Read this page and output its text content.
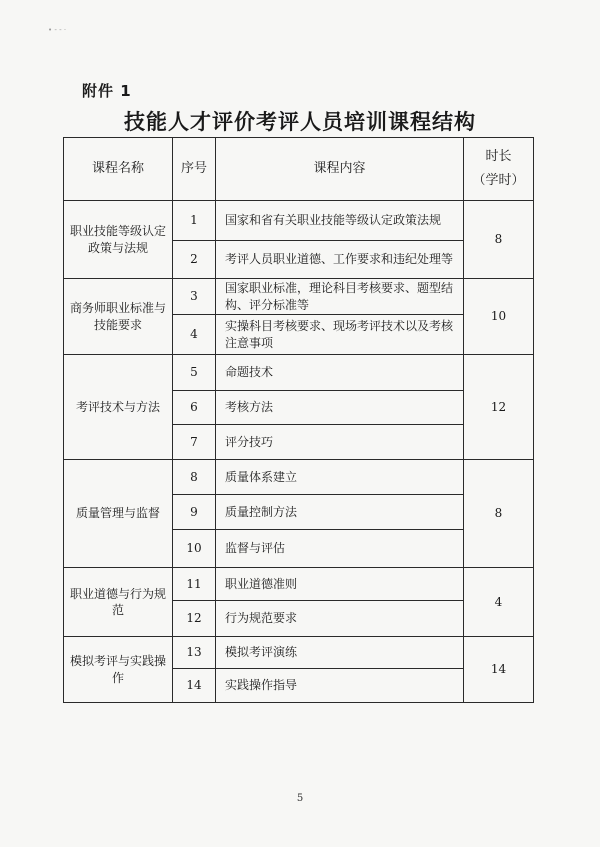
• - - ·
附件 1
技能人才评价考评人员培训课程结构
课程名称	序号	课程内容	时长
（学时）

职业技能等级认定政策与法规	1	国家和省有关职业技能等级认定政策法规	8
	2	考评人员职业道德、工作要求和违纪处理等	
商务师职业标准与技能要求	3	国家职业标准，理论科目考核要求、题型结构、评分标准等	10
	4	实操科目考核要求、现场考评技术以及考核注意事项	
考评技术与方法	5	命题技术	12
	6	考核方法	
	7	评分技巧	
质量管理与监督	8	质量体系建立	8
	9	质量控制方法	
	10	监督与评估	
职业道德与行为规范	11	职业道德准则	4
	12	行为规范要求	
模拟考评与实践操作	13	模拟考评演练	14
	14	实践操作指导	
5
